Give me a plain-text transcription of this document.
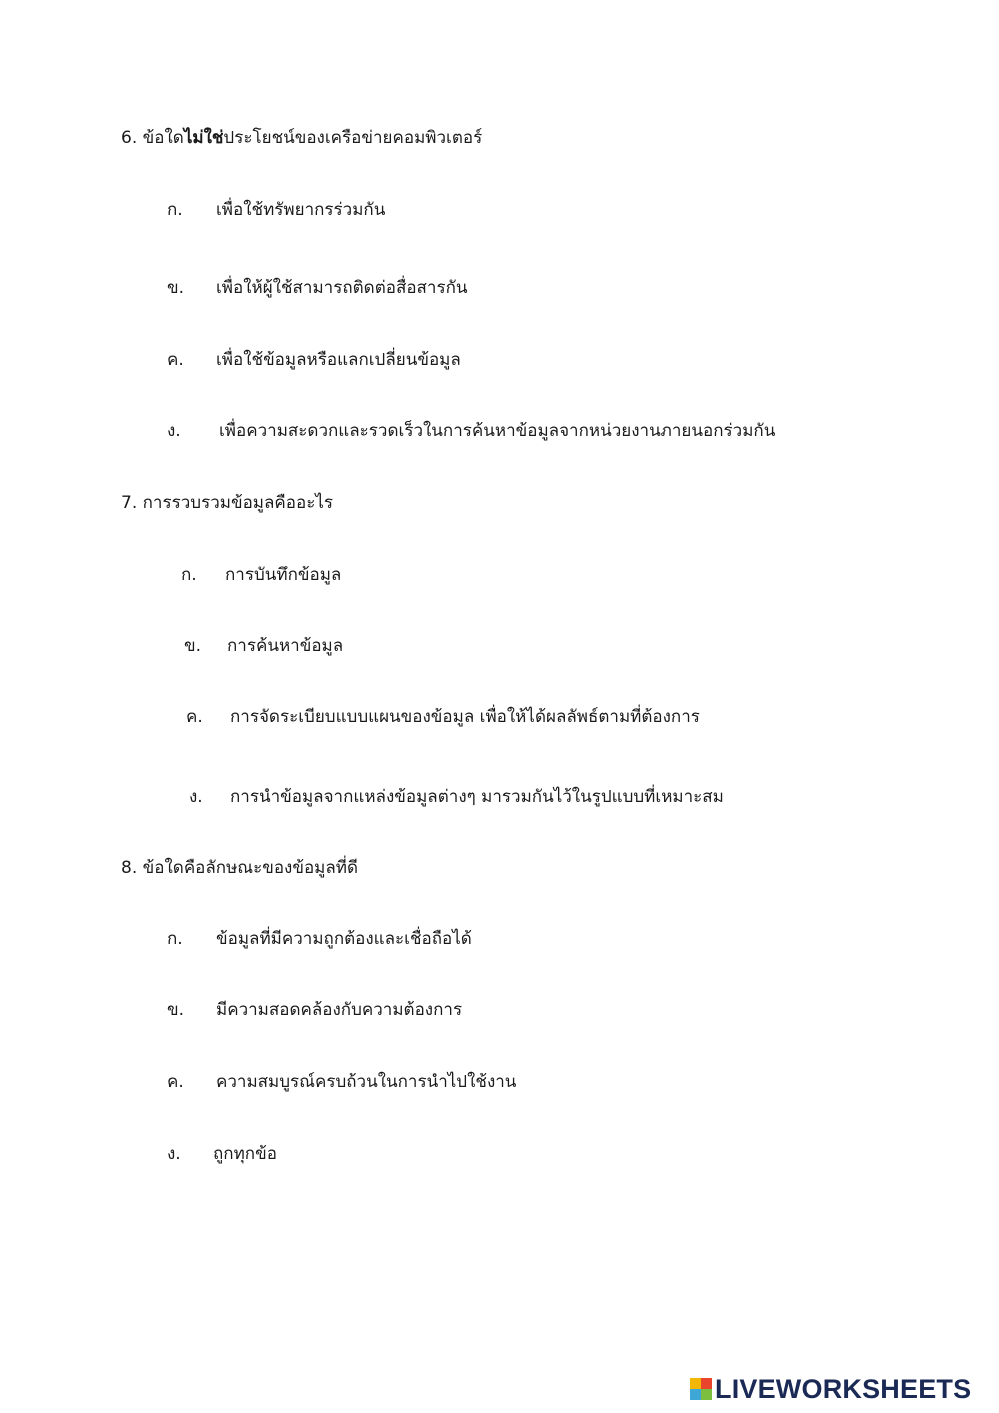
6. ข้อใดไม่ใช่ประโยชน์ของเครือข่ายคอมพิวเตอร์
ก. เพื่อใช้ทรัพยากรร่วมกัน
ข. เพื่อให้ผู้ใช้สามารถติดต่อสื่อสารกัน
ค. เพื่อใช้ข้อมูลหรือแลกเปลี่ยนข้อมูล
ง. เพื่อความสะดวกและรวดเร็วในการค้นหาข้อมูลจากหน่วยงานภายนอกร่วมกัน
7. การรวบรวมข้อมูลคืออะไร
ก. การบันทึกข้อมูล
ข. การค้นหาข้อมูล
ค. การจัดระเบียบแบบแผนของข้อมูล เพื่อให้ได้ผลลัพธ์ตามที่ต้องการ
ง. การนำข้อมูลจากแหล่งข้อมูลต่างๆ มารวมกันไว้ในรูปแบบที่เหมาะสม
8. ข้อใดคือลักษณะของข้อมูลที่ดี
ก. ข้อมูลที่มีความถูกต้องและเชื่อถือได้
ข. มีความสอดคล้องกับความต้องการ
ค. ความสมบูรณ์ครบถ้วนในการนำไปใช้งาน
ง. ถูกทุกข้อ
LIVEWORKSHEETS
